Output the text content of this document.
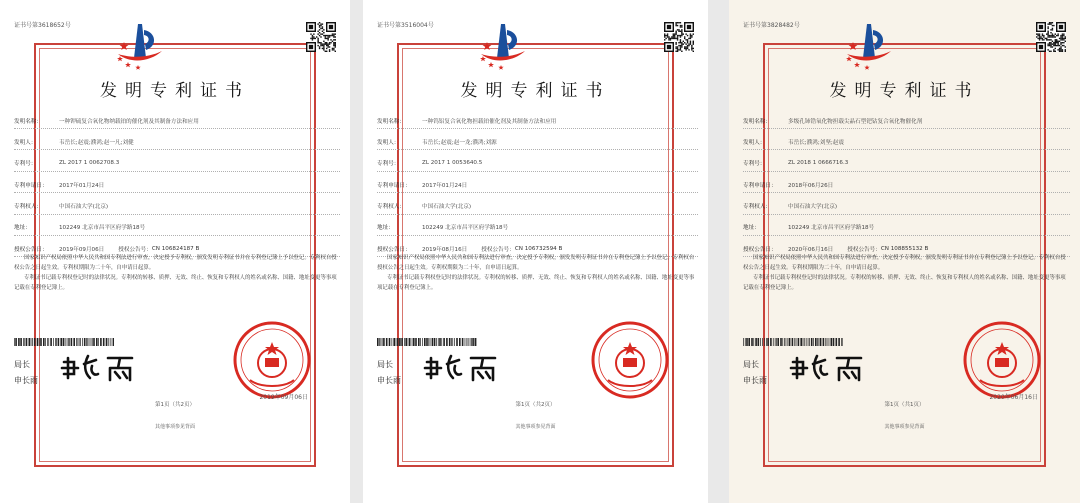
证书号第3618652号
发明专利证书
发明名称：	一种钾硫复合氧化物纳载铂的催化剂及其制备方法和应用
发明人：	韦岳长;赵震;濮鸿;赵一凡;刘健
专利号：	ZL 2017 1 0062708.3
专利申请日：	2017年01月24日
专利权人：	中国石油大学(北京)
地址：	102249 北京市昌平区府学路18号
授权公告日：	2019年09月06日	授权公告号： CN 106824187 B

国家知识产权局依照中华人民共和国专利法进行审查，决定授予专利权，颁发发明专利证书并在专利登记簿上予以登记。专利权自授权公告之日起生效。专利权期限为二十年，自申请日起算。

专利证书记载专利权登记时的法律状况。专利权的转移、质押、无效、终止、恢复和专利权人的姓名或名称、国籍、地址变更等事项记载在专利登记簿上。

局长
申长雨
2019年09月06日
第1页（共2页）
其他事项参见背面
证书号第3516004号
发明专利证书
发明名称：	一种钨铝复合氧化物担载铂催化剂及其制备方法和应用
发明人：	韦岳长;赵震;赵一龙;濮鸿;刘源
专利号：	ZL 2017 1 0053640.5
专利申请日：	2017年01月24日
专利权人：	中国石油大学(北京)
地址：	102249 北京市昌平区府学路18号
授权公告日：	2019年08月16日	授权公告号： CN 106732594 B

国家知识产权局依照中华人民共和国专利法进行审查，决定授予专利权，颁发发明专利证书并在专利登记簿上予以登记。专利权自授权公告之日起生效。专利权期限为二十年，自申请日起算。

专利证书记载专利权登记时的法律状况。专利权的转移、质押、无效、终止、恢复和专利权人的姓名或名称、国籍、地址变更等事项记载在专利登记簿上。

局长
申长雨
第1页（共2页）
其他事项参见背面
证书号第3828482号
发明专利证书
发明名称：	多级孔铈锆氧化物担载尖晶石型钯钴复合氧化物催化剂
发明人：	韦岳长;濮鸿;刘坚;赵震
专利号：	ZL 2018 1 0666716.3
专利申请日：	2018年06月26日
专利权人：	中国石油大学(北京)
地址：	102249 北京市昌平区府学路18号
授权公告日：	2020年06月16日	授权公告号： CN 108855132 B

国家知识产权局依照中华人民共和国专利法进行审查，决定授予专利权，颁发发明专利证书并在专利登记簿上予以登记。专利权自授权公告之日起生效。专利权期限为二十年，自申请日起算。

专利证书记载专利权登记时的法律状况。专利权的转移、质押、无效、终止、恢复和专利权人的姓名或名称、国籍、地址变更等事项记载在专利登记簿上。

局长
申长雨
2020年06月16日
第1页（共1页）
其他事项参见背面
